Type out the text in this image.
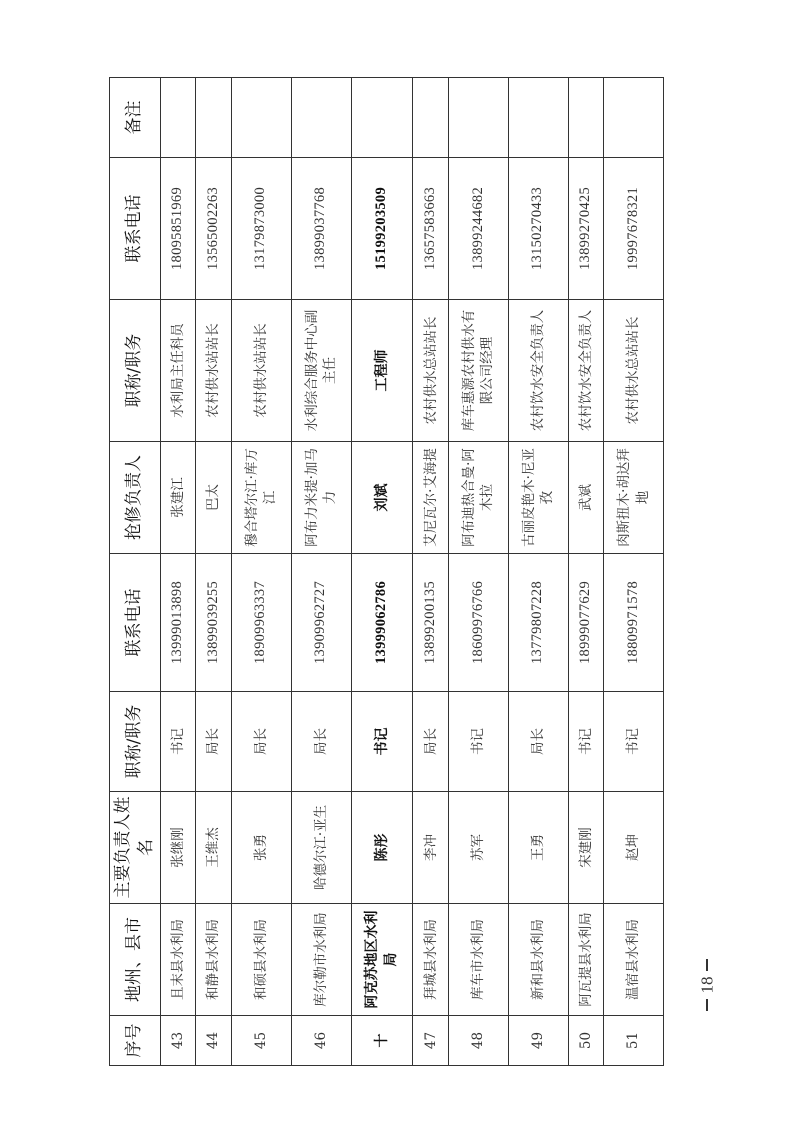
序号	地州、县市	主要负责人姓名	职称/职务	联系电话	抢修负责人	职称/职务	联系电话	备注
43	且末县水利局	张继刚	书记	13999013898	张建江	水利局主任科员	18095851969	
44	和静县水利局	王维杰	局长	13899039255	巴太	农村供水站站长	13565002263	
45	和硕县水利局	张勇	局长	18909963337	穆合塔尔江·库万江	农村供水站站长	13179873000	
46	库尔勒市水利局	哈德尔江·亚生	局长	13909962727	阿布力米提·加马力	水利综合服务中心副主任	13899037768	
十	阿克苏地区水利局	陈彤	书记	13999062786	刘斌	工程师	15199203509	
47	拜城县水利局	李冲	局长	13899200135	艾尼瓦尔·艾海提	农村供水总站站长	13657583663	
48	库车市水利局	苏军	书记	18609976766	阿布迪热合曼·阿木拉	库车惠源农村供水有限公司经理	13899244682	
49	新和县水利局	王勇	局长	13779807228	古丽皮艳木·尼亚孜	农村饮水安全负责人	13150270433	
50	阿瓦提县水利局	宋建刚	书记	18999077629	武斌	农村饮水安全负责人	13899270425	
51	温宿县水利局	赵坤	书记	18809971578	肉斯扭木·胡达拜地	农村供水总站站长	19997678321	
18
